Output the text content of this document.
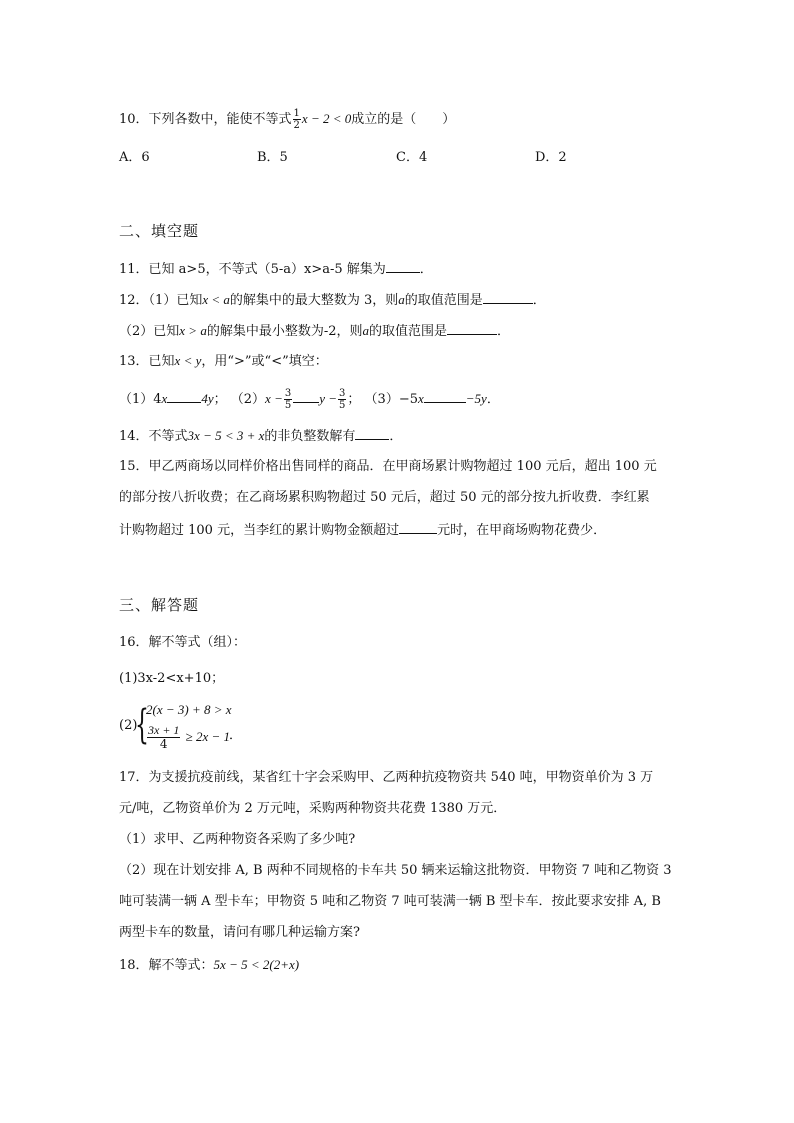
10．下列各数中，能使不等式 $\frac{1}{2}$ x − 2 < 0成立的是（　　）
A．6	B．5	C．4	D．2
二、填空题
11．已知 a>5，不等式（5-a）x>a-5 解集为	．
12．（1）已知x < a的解集中的最大整数为 3，则a的取值范围是	．
（2）已知x > a的解集中最小整数为-2，则a的取值范围是	．
13．已知x < y，用“>”或“<”填空：
（1）4x	4y； $(2)x - \frac{3}{5}$ $y - \frac{3}{5}$ ； （3）−5x	−5y．
14．不等式3x − 5 < 3 + x的非负整数解有	．
15．甲乙两商场以同样价格出售同样的商品．在甲商场累计购物超过 100 元后，超出 100 元
的部分按八折收费；在乙商场累积购物超过 50 元后，超过 50 元的部分按九折收费．李红累
计购物超过 100 元，当李红的累计购物金额超过	元时，在甲商场购物花费少．
三、解答题
16．解不等式（组）：
(1)3x-2<x+10；
(2)
{
2(x − 3) + 8 > x
$\frac{3x + 1}{4} \ge 2x - 1$
．
17．为支援抗疫前线，某省红十字会采购甲、乙两种抗疫物资共 540 吨，甲物资单价为 3 万
元/吨，乙物资单价为 2 万元吨，采购两种物资共花费 1380 万元．
（1）求甲、乙两种物资各采购了多少吨?
（2）现在计划安排 A, B 两种不同规格的卡车共 50 辆来运输这批物资．甲物资 7 吨和乙物资 3
吨可装满一辆 A 型卡车；甲物资 5 吨和乙物资 7 吨可装满一辆 B 型卡车．按此要求安排 A, B
两型卡车的数量，请问有哪几种运输方案?
18．解不等式：5x − 5 < 2(2+x)
